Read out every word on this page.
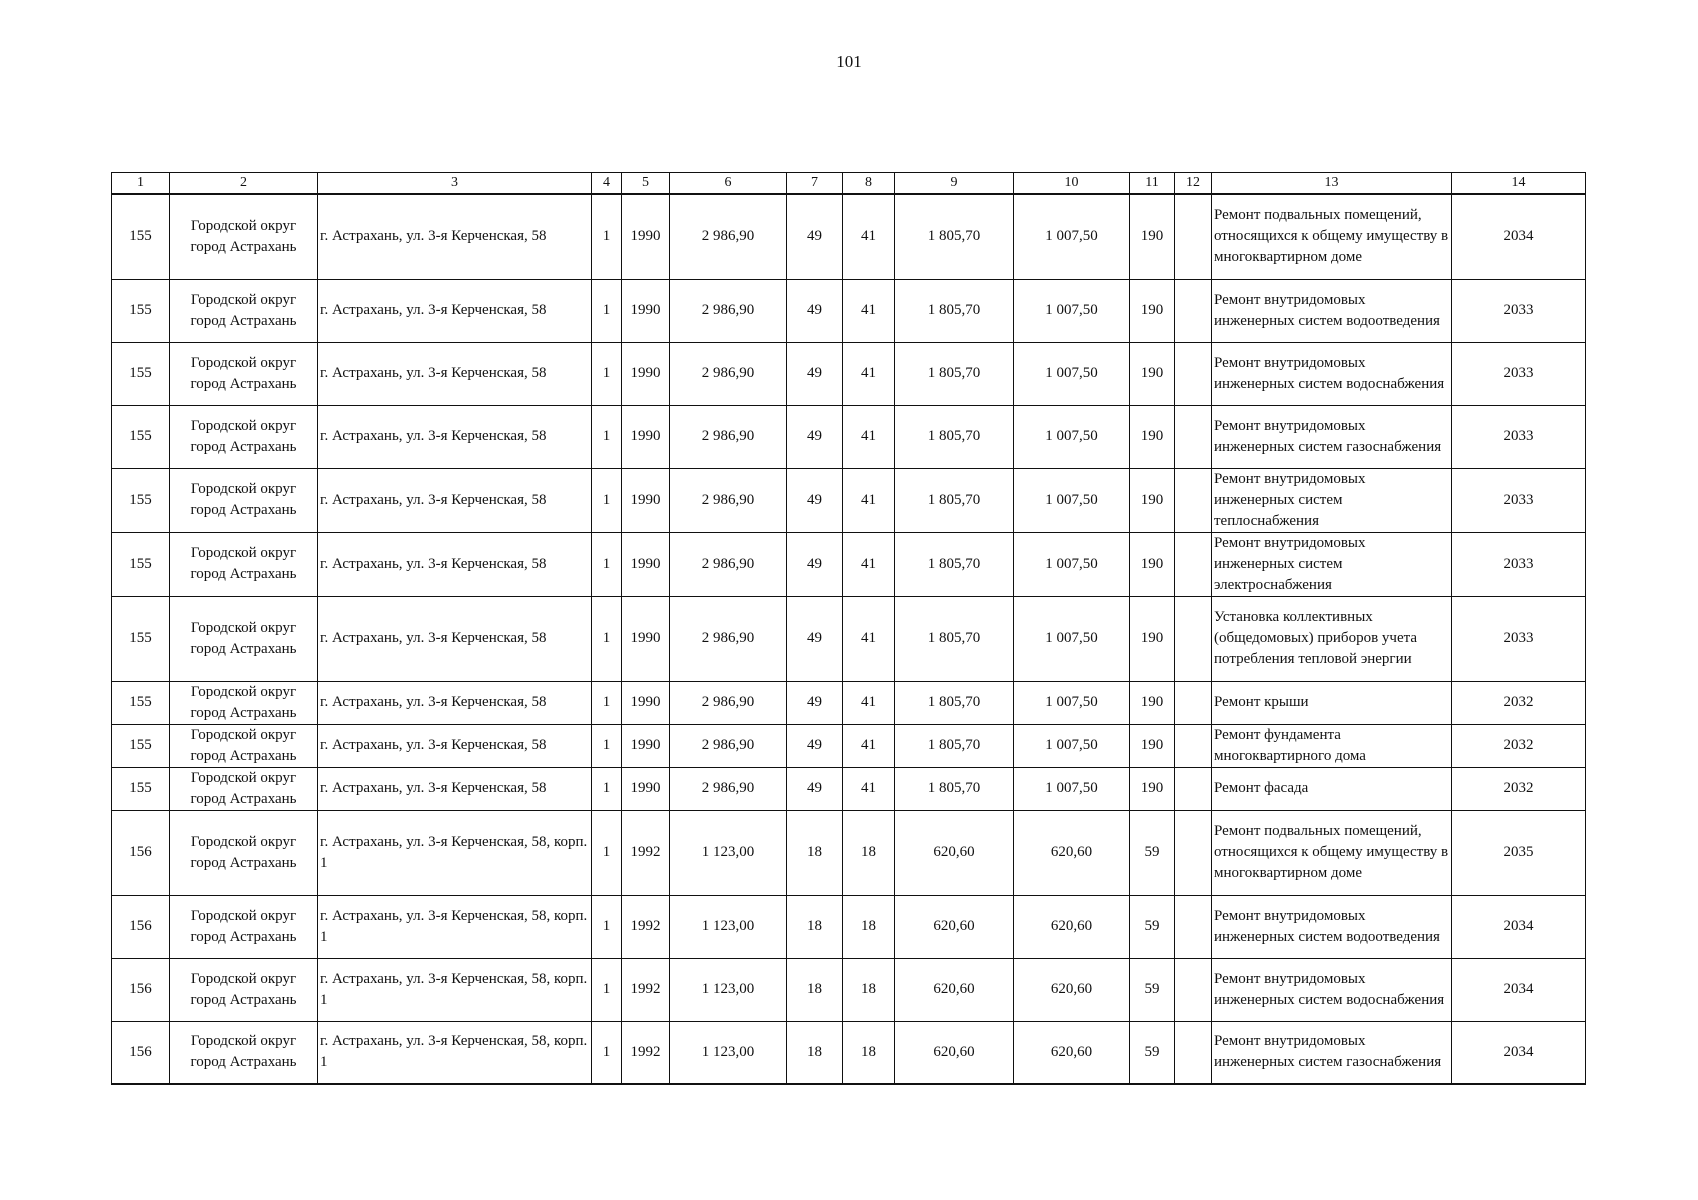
101
1	2	3	4	5	6	7	8	9	10	11	12	13	14
155	Городской округ город Астрахань	г. Астрахань, ул. 3-я Керченская, 58	1	1990	2 986,90	49	41	1 805,70	1 007,50	190		Ремонт подвальных помещений, относящихся к общему имуществу в многоквартирном доме	2034
155	Городской округ город Астрахань	г. Астрахань, ул. 3-я Керченская, 58	1	1990	2 986,90	49	41	1 805,70	1 007,50	190		Ремонт внутридомовых инженерных систем водоотведения	2033
155	Городской округ город Астрахань	г. Астрахань, ул. 3-я Керченская, 58	1	1990	2 986,90	49	41	1 805,70	1 007,50	190		Ремонт внутридомовых инженерных систем водоснабжения	2033
155	Городской округ город Астрахань	г. Астрахань, ул. 3-я Керченская, 58	1	1990	2 986,90	49	41	1 805,70	1 007,50	190		Ремонт внутридомовых инженерных систем газоснабжения	2033
155	Городской округ город Астрахань	г. Астрахань, ул. 3-я Керченская, 58	1	1990	2 986,90	49	41	1 805,70	1 007,50	190		Ремонт внутридомовых инженерных систем теплоснабжения	2033
155	Городской округ город Астрахань	г. Астрахань, ул. 3-я Керченская, 58	1	1990	2 986,90	49	41	1 805,70	1 007,50	190		Ремонт внутридомовых инженерных систем электроснабжения	2033
155	Городской округ город Астрахань	г. Астрахань, ул. 3-я Керченская, 58	1	1990	2 986,90	49	41	1 805,70	1 007,50	190		Установка коллективных (общедомовых) приборов учета потребления тепловой энергии	2033
155	Городской округ город Астрахань	г. Астрахань, ул. 3-я Керченская, 58	1	1990	2 986,90	49	41	1 805,70	1 007,50	190		Ремонт крыши	2032
155	Городской округ город Астрахань	г. Астрахань, ул. 3-я Керченская, 58	1	1990	2 986,90	49	41	1 805,70	1 007,50	190		Ремонт фундамента многоквартирного дома	2032
155	Городской округ город Астрахань	г. Астрахань, ул. 3-я Керченская, 58	1	1990	2 986,90	49	41	1 805,70	1 007,50	190		Ремонт фасада	2032
156	Городской округ город Астрахань	г. Астрахань, ул. 3-я Керченская, 58, корп. 1	1	1992	1 123,00	18	18	620,60	620,60	59		Ремонт подвальных помещений, относящихся к общему имуществу в многоквартирном доме	2035
156	Городской округ город Астрахань	г. Астрахань, ул. 3-я Керченская, 58, корп. 1	1	1992	1 123,00	18	18	620,60	620,60	59		Ремонт внутридомовых инженерных систем водоотведения	2034
156	Городской округ город Астрахань	г. Астрахань, ул. 3-я Керченская, 58, корп. 1	1	1992	1 123,00	18	18	620,60	620,60	59		Ремонт внутридомовых инженерных систем водоснабжения	2034
156	Городской округ город Астрахань	г. Астрахань, ул. 3-я Керченская, 58, корп. 1	1	1992	1 123,00	18	18	620,60	620,60	59		Ремонт внутридомовых инженерных систем газоснабжения	2034
